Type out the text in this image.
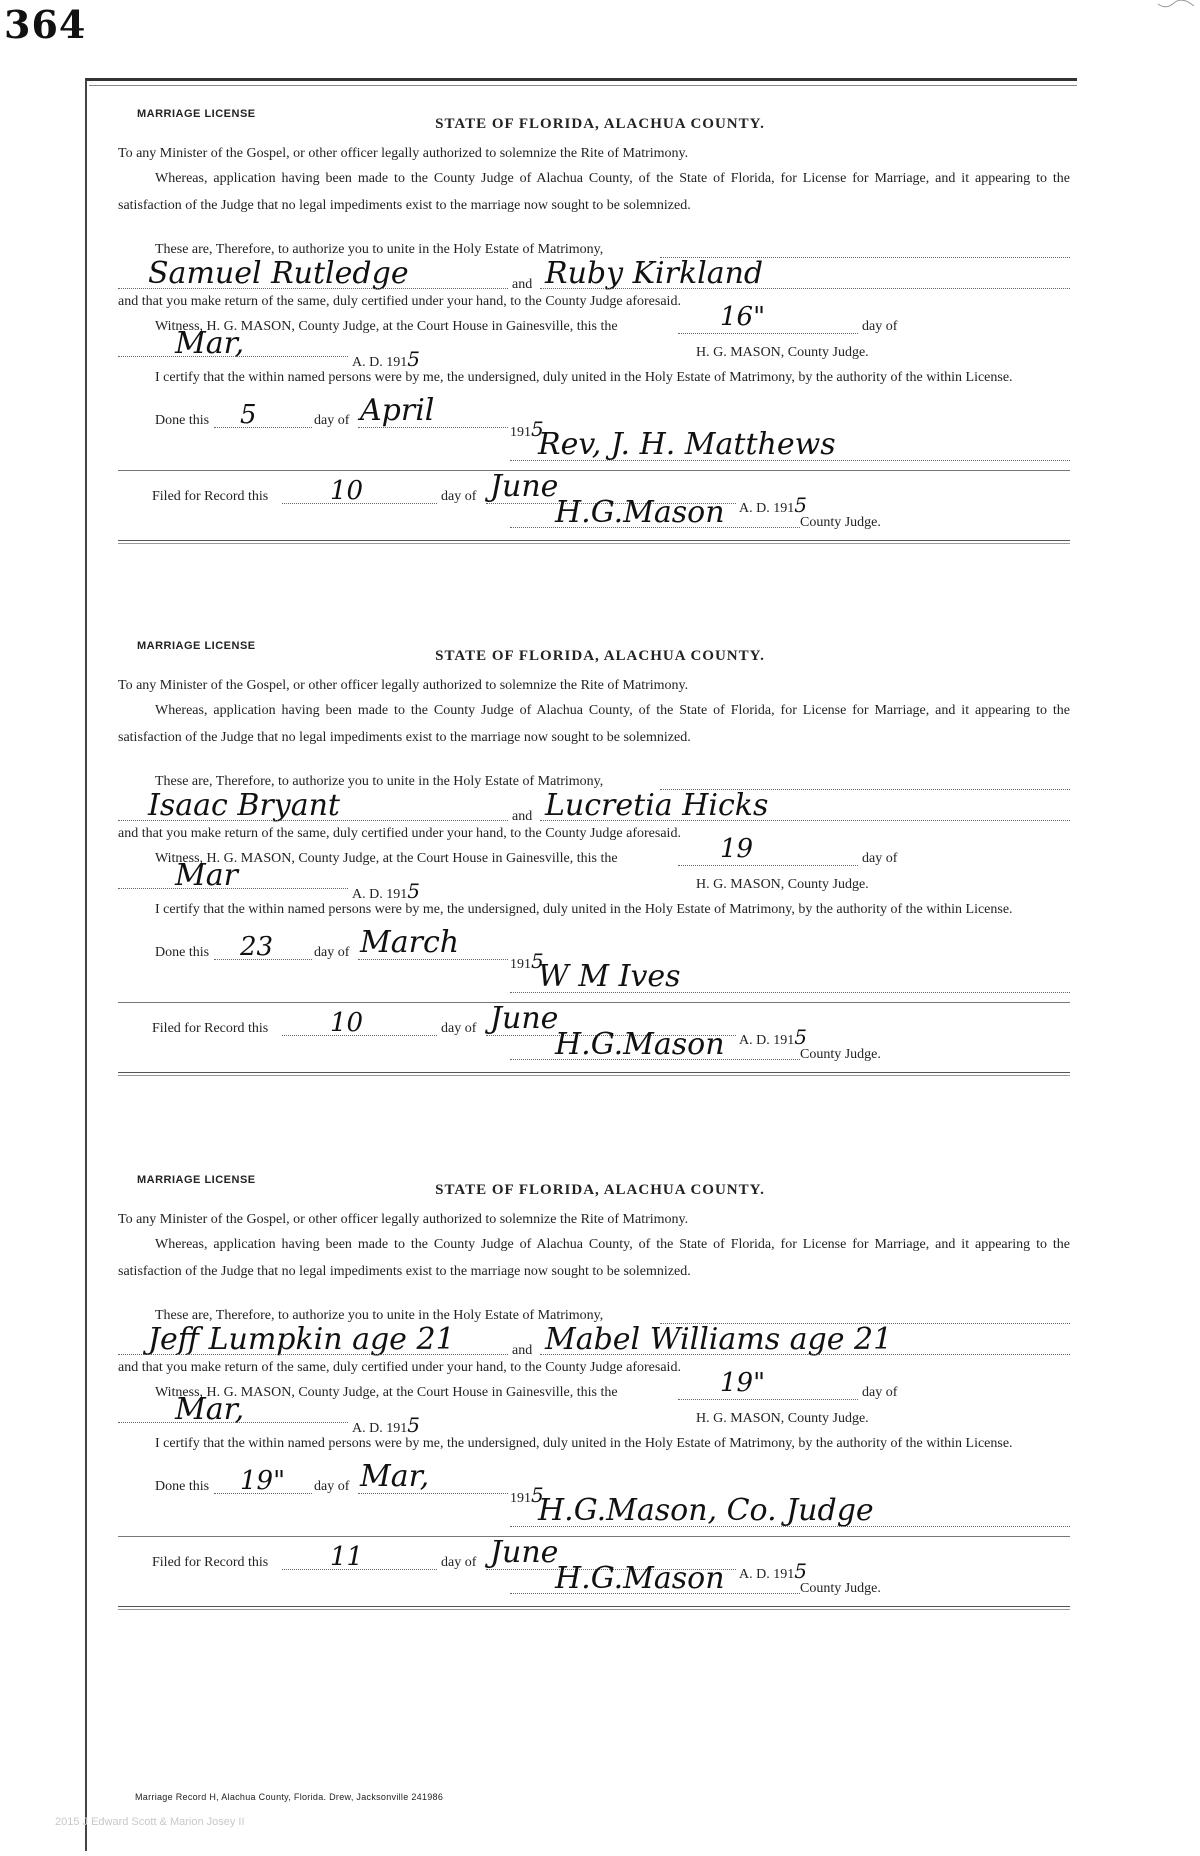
364
MARRIAGE LICENSE
STATE OF FLORIDA, ALACHUA COUNTY.
To any Minister of the Gospel, or other officer legally authorized to solemnize the Rite of Matrimony.
Whereas, application having been made to the County Judge of Alachua County, of the State of Florida, for License for Marriage, and it appearing to the satisfaction of the Judge that no legal impediments exist to the marriage now sought to be solemnized.
These are, Therefore, to authorize you to unite in the Holy Estate of Matrimony,
Samuel Rutledge	and Ruby Kirkland
and that you make return of the same, duly certified under your hand, to the County Judge aforesaid.
Witness, H. G. MASON, County Judge, at the Court House in Gainesville, this the	16"	day of
Mar,
A. D. 1915	H. G. MASON, County Judge.
I certify that the within named persons were by me, the undersigned, duly united in the Holy Estate of Matrimony, by the authority of the within License.
Done this 5	day of April
1915
Rev, J. H. Matthews
Filed for Record this 10	day of June
A. D. 1915
H.G.Mason	County Judge.
MARRIAGE LICENSE
STATE OF FLORIDA, ALACHUA COUNTY.
To any Minister of the Gospel, or other officer legally authorized to solemnize the Rite of Matrimony.
Whereas, application having been made to the County Judge of Alachua County, of the State of Florida, for License for Marriage, and it appearing to the satisfaction of the Judge that no legal impediments exist to the marriage now sought to be solemnized.
These are, Therefore, to authorize you to unite in the Holy Estate of Matrimony,
Isaac Bryant	and Lucretia Hicks
and that you make return of the same, duly certified under your hand, to the County Judge aforesaid.
Witness, H. G. MASON, County Judge, at the Court House in Gainesville, this the	19	day of
Mar
A. D. 1915	H. G. MASON, County Judge.
I certify that the within named persons were by me, the undersigned, duly united in the Holy Estate of Matrimony, by the authority of the within License.
Done this 23	day of March
1915
W M Ives
Filed for Record this 10	day of June
A. D. 1915
H.G.Mason	County Judge.
MARRIAGE LICENSE
STATE OF FLORIDA, ALACHUA COUNTY.
To any Minister of the Gospel, or other officer legally authorized to solemnize the Rite of Matrimony.
Whereas, application having been made to the County Judge of Alachua County, of the State of Florida, for License for Marriage, and it appearing to the satisfaction of the Judge that no legal impediments exist to the marriage now sought to be solemnized.
These are, Therefore, to authorize you to unite in the Holy Estate of Matrimony,
Jeff Lumpkin age 21	and Mabel Williams age 21
and that you make return of the same, duly certified under your hand, to the County Judge aforesaid.
Witness, H. G. MASON, County Judge, at the Court House in Gainesville, this the	19"	day of
Mar,
A. D. 1915	H. G. MASON, County Judge.
I certify that the within named persons were by me, the undersigned, duly united in the Holy Estate of Matrimony, by the authority of the within License.
Done this 19" day of Mar,
1915
H.G.Mason, Co. Judge
Filed for Record this 11	day of June
A. D. 1915
H.G.Mason	County Judge.
Marriage Record H, Alachua County, Florida. Drew, Jacksonville 241986
2015 J Edward Scott & Marion Josey II
